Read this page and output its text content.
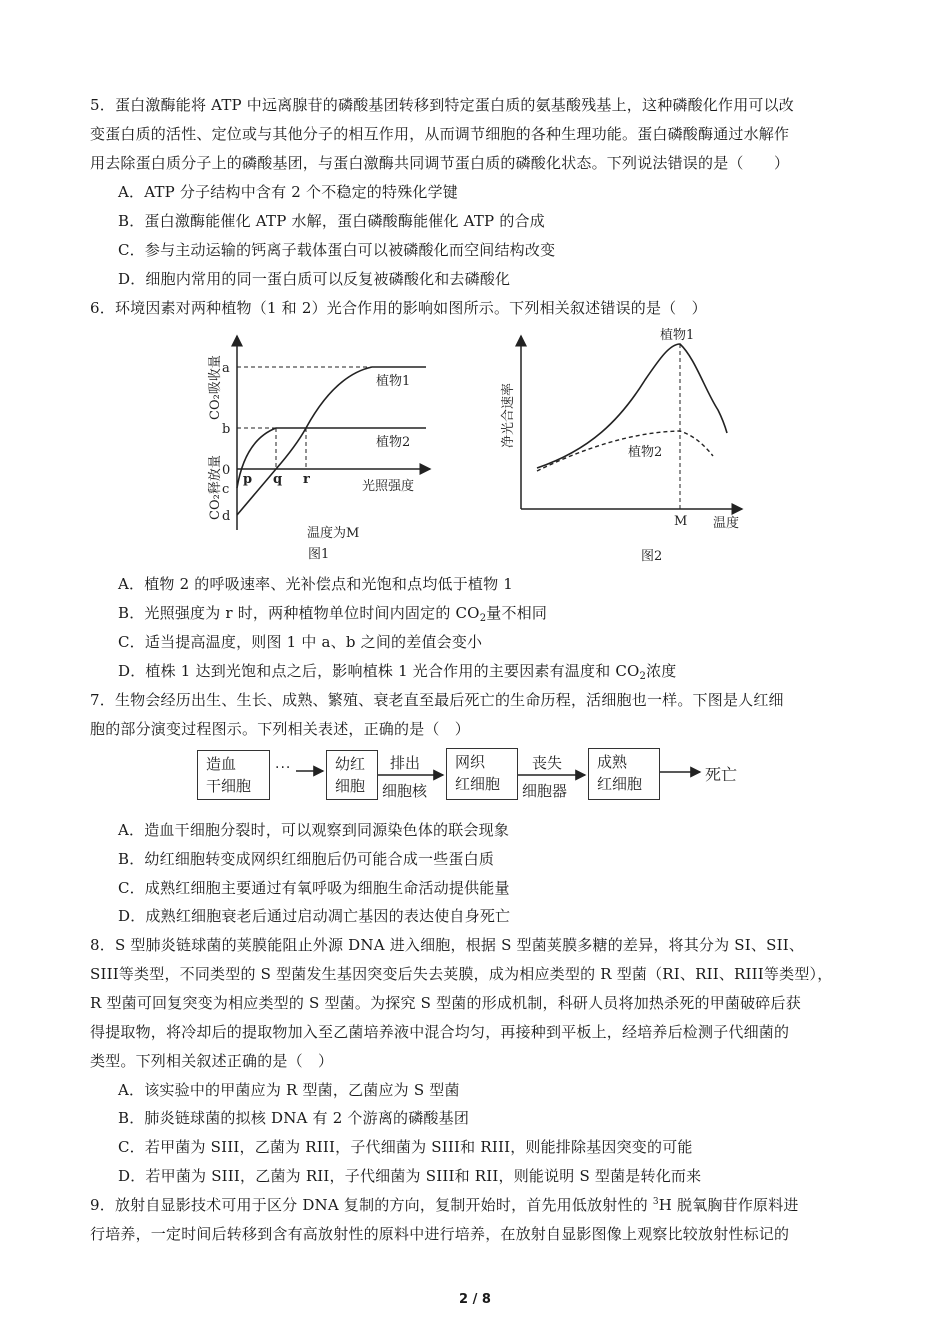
5．蛋白激酶能将 ATP 中远离腺苷的磷酸基团转移到特定蛋白质的氨基酸残基上，这种磷酸化作用可以改
变蛋白质的活性、定位或与其他分子的相互作用，从而调节细胞的各种生理功能。蛋白磷酸酶通过水解作
用去除蛋白质分子上的磷酸基团，与蛋白激酶共同调节蛋白质的磷酸化状态。下列说法错误的是（　　）
A．ATP 分子结构中含有 2 个不稳定的特殊化学键
B．蛋白激酶能催化 ATP 水解，蛋白磷酸酶能催化 ATP 的合成
C．参与主动运输的钙离子载体蛋白可以被磷酸化而空间结构改变
D．细胞内常用的同一蛋白质可以反复被磷酸化和去磷酸化
6．环境因素对两种植物（1 和 2）光合作用的影响如图所示。下列相关叙述错误的是（　）
a
b
0
c
d
p q r	光照强度
植物1
植物2
CO₂吸收量
CO₂释放量
温度为M
图1
植物1
植物2
M 温度
净光合速率
图2
A．植物 2 的呼吸速率、光补偿点和光饱和点均低于植物 1
B．光照强度为 r 时，两种植物单位时间内固定的 $CO_2$量不相同
C．适当提高温度，则图 1 中 a、b 之间的差值会变小
D．植株 1 达到光饱和点之后，影响植株 1 光合作用的主要因素有温度和 $CO_2$浓度
7．生物会经历出生、生长、成熟、繁殖、衰老直至最后死亡的生命历程，活细胞也一样。下图是人红细
胞的部分演变过程图示。下列相关表述，正确的是（　）
造血
干细胞
···	幼红
细胞
排出
细胞核
网织
红细胞
丧失
细胞器
成熟
红细胞	死亡
A．造血干细胞分裂时，可以观察到同源染色体的联会现象
B．幼红细胞转变成网织红细胞后仍可能合成一些蛋白质
C．成熟红细胞主要通过有氧呼吸为细胞生命活动提供能量
D．成熟红细胞衰老后通过启动凋亡基因的表达使自身死亡
8．S 型肺炎链球菌的荚膜能阻止外源 DNA 进入细胞，根据 S 型菌荚膜多糖的差异，将其分为 SI、SII、
SIII等类型，不同类型的 S 型菌发生基因突变后失去荚膜，成为相应类型的 R 型菌（RI、RII、RIII等类型），
R 型菌可回复突变为相应类型的 S 型菌。为探究 S 型菌的形成机制，科研人员将加热杀死的甲菌破碎后获
得提取物，将冷却后的提取物加入至乙菌培养液中混合均匀，再接种到平板上，经培养后检测子代细菌的
类型。下列相关叙述正确的是（　）
A．该实验中的甲菌应为 R 型菌，乙菌应为 S 型菌
B．肺炎链球菌的拟核 DNA 有 2 个游离的磷酸基团
C．若甲菌为 SIII，乙菌为 RIII，子代细菌为 SIII和 RIII，则能排除基因突变的可能
D．若甲菌为 SIII，乙菌为 RII，子代细菌为 SIII和 RII，则能说明 S 型菌是转化而来
9．放射自显影技术可用于区分 DNA 复制的方向，复制开始时，首先用低放射性的 $^3$H 脱氧胸苷作原料进
行培养，一定时间后转移到含有高放射性的原料中进行培养，在放射自显影图像上观察比较放射性标记的
2 / 8
